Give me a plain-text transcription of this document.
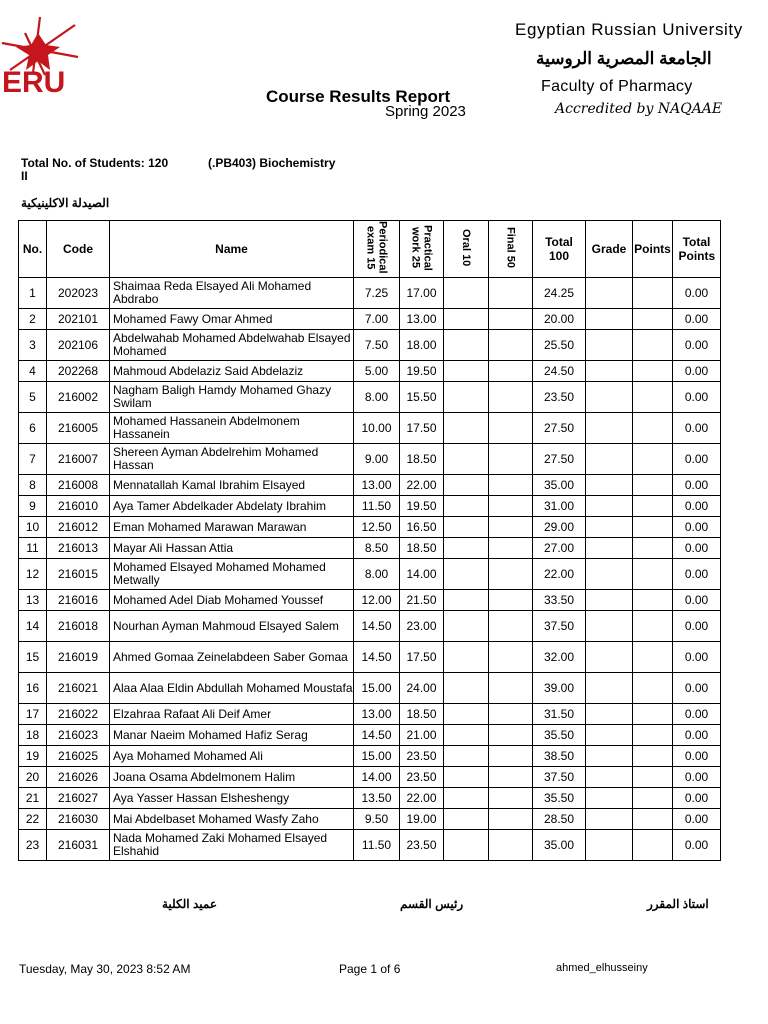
ERU
Egyptian Russian University
الجامعة المصرية الروسية
Faculty of Pharmacy
Accredited by NAQAAE
Course Results Report
Spring 2023
Total No. of Students: 120	(.PB403) Biochemistry
II
الصيدلة الاكلينيكية
No.	Code	Name	Periodical exam 15	Practical work 25	Oral 10	Final 50	Total 100	Grade	Points	Total Points
1	202023	Shaimaa Reda Elsayed Ali Mohamed Abdrabo	7.25	17.00			24.25			0.00
2	202101	Mohamed Fawy Omar Ahmed	7.00	13.00			20.00			0.00
3	202106	Abdelwahab Mohamed Abdelwahab Elsayed Mohamed	7.50	18.00			25.50			0.00
4	202268	Mahmoud Abdelaziz Said Abdelaziz	5.00	19.50			24.50			0.00
5	216002	Nagham Baligh Hamdy Mohamed Ghazy Swilam	8.00	15.50			23.50			0.00
6	216005	Mohamed Hassanein Abdelmonem Hassanein	10.00	17.50			27.50			0.00
7	216007	Shereen Ayman Abdelrehim Mohamed Hassan	9.00	18.50			27.50			0.00
8	216008	Mennatallah Kamal Ibrahim Elsayed	13.00	22.00			35.00			0.00
9	216010	Aya Tamer Abdelkader Abdelaty Ibrahim	11.50	19.50			31.00			0.00
10	216012	Eman Mohamed Marawan Marawan	12.50	16.50			29.00			0.00
11	216013	Mayar Ali Hassan Attia	8.50	18.50			27.00			0.00
12	216015	Mohamed Elsayed Mohamed Mohamed Metwally	8.00	14.00			22.00			0.00
13	216016	Mohamed Adel Diab Mohamed Youssef	12.00	21.50			33.50			0.00
14	216018	Nourhan Ayman Mahmoud Elsayed Salem	14.50	23.00			37.50			0.00
15	216019	Ahmed Gomaa Zeinelabdeen Saber Gomaa	14.50	17.50			32.00			0.00
16	216021	Alaa Alaa Eldin Abdullah Mohamed Moustafa	15.00	24.00			39.00			0.00
17	216022	Elzahraa Rafaat Ali Deif Amer	13.00	18.50			31.50			0.00
18	216023	Manar Naeim Mohamed Hafiz Serag	14.50	21.00			35.50			0.00
19	216025	Aya Mohamed Mohamed Ali	15.00	23.50			38.50			0.00
20	216026	Joana Osama Abdelmonem Halim	14.00	23.50			37.50			0.00
21	216027	Aya Yasser Hassan Elsheshengy	13.50	22.00			35.50			0.00
22	216030	Mai Abdelbaset Mohamed Wasfy Zaho	9.50	19.00			28.50			0.00
23	216031	Nada Mohamed Zaki Mohamed Elsayed Elshahid	11.50	23.50			35.00			0.00
عميد الكلية	رئيس القسم	استاذ المقرر
Tuesday, May 30, 2023 8:52 AM	Page 1 of 6	ahmed_elhusseiny
